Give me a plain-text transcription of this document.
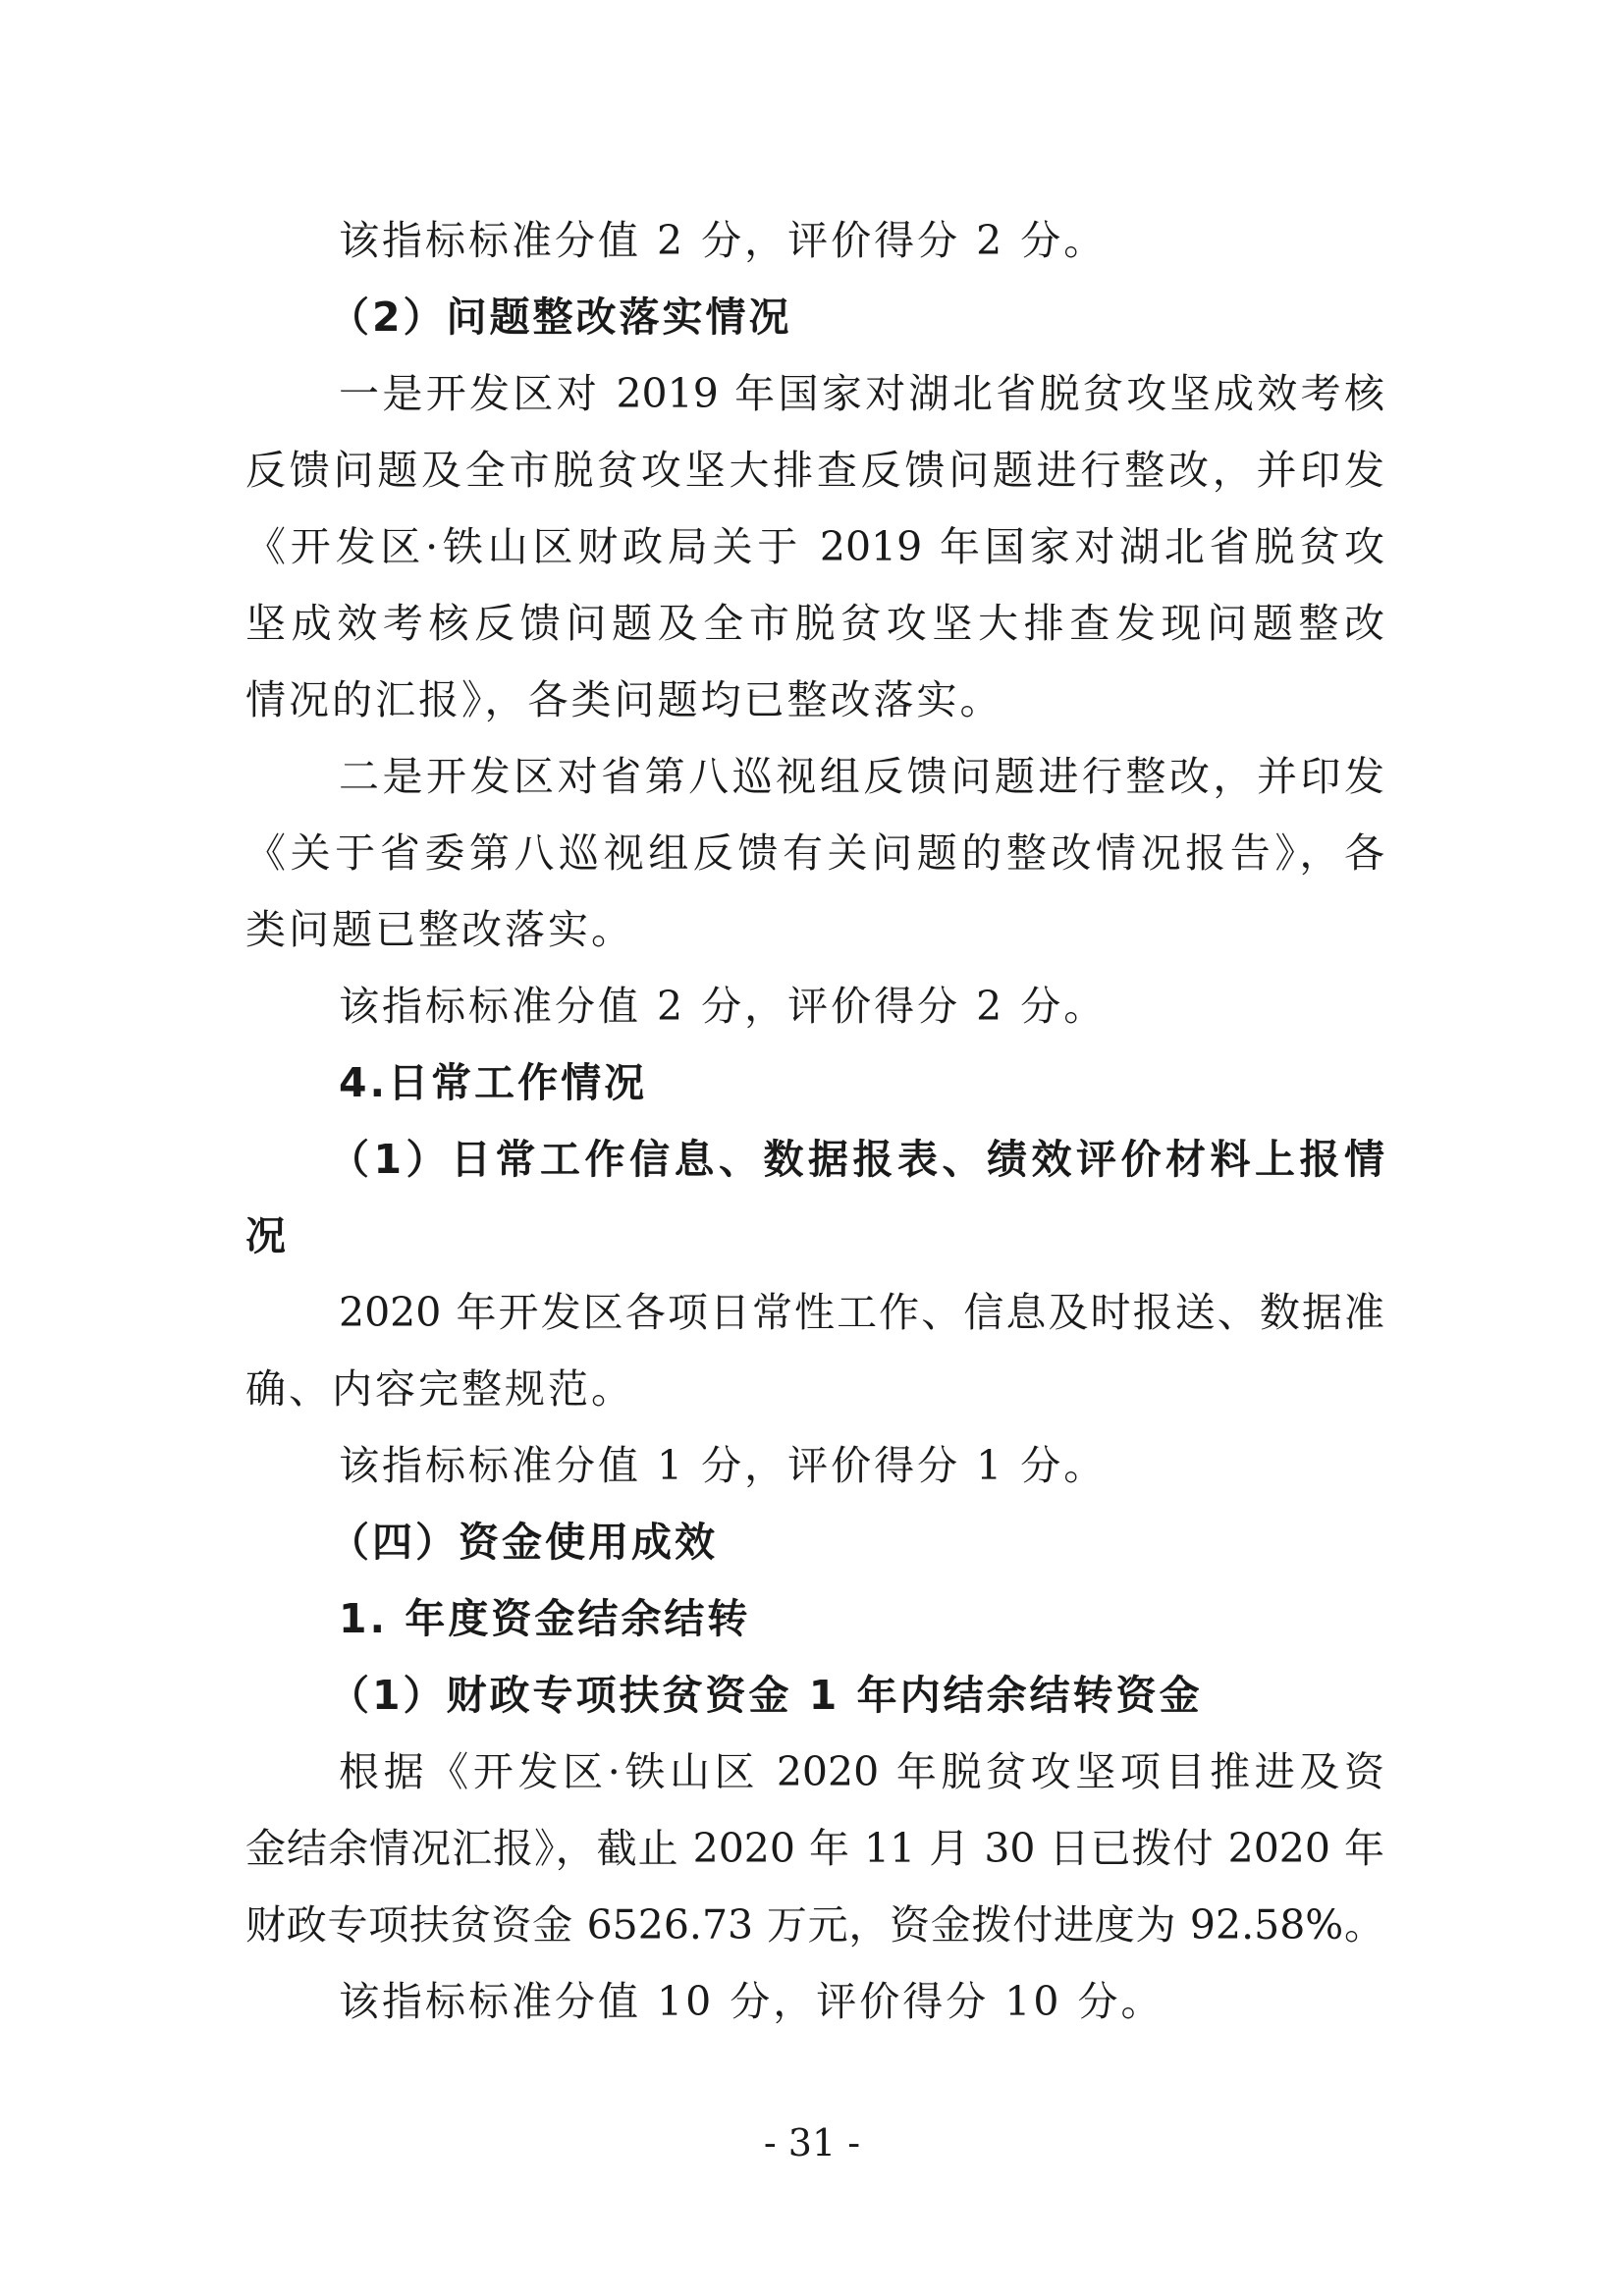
该指标标准分值 2 分，评价得分 2 分。
（2）问题整改落实情况
一是开发区对 2019 年国家对湖北省脱贫攻坚成效考核
反馈问题及全市脱贫攻坚大排查反馈问题进行整改，并印发
《开发区·铁山区财政局关于 2019 年国家对湖北省脱贫攻
坚成效考核反馈问题及全市脱贫攻坚大排查发现问题整改
情况的汇报》，各类问题均已整改落实。
二是开发区对省第八巡视组反馈问题进行整改，并印发
《关于省委第八巡视组反馈有关问题的整改情况报告》，各
类问题已整改落实。
该指标标准分值 2 分，评价得分 2 分。
4.日常工作情况
（1）日常工作信息、数据报表、绩效评价材料上报情
况
2020 年开发区各项日常性工作、信息及时报送、数据准
确、内容完整规范。
该指标标准分值 1 分，评价得分 1 分。
（四）资金使用成效
1. 年度资金结余结转
（1）财政专项扶贫资金 1 年内结余结转资金
根据《开发区·铁山区 2020 年脱贫攻坚项目推进及资
金结余情况汇报》，截止 2020 年 11 月 30 日已拨付 2020 年
财政专项扶贫资金 6526.73 万元，资金拨付进度为 92.58%。
该指标标准分值 10 分，评价得分 10 分。
- 31 -
